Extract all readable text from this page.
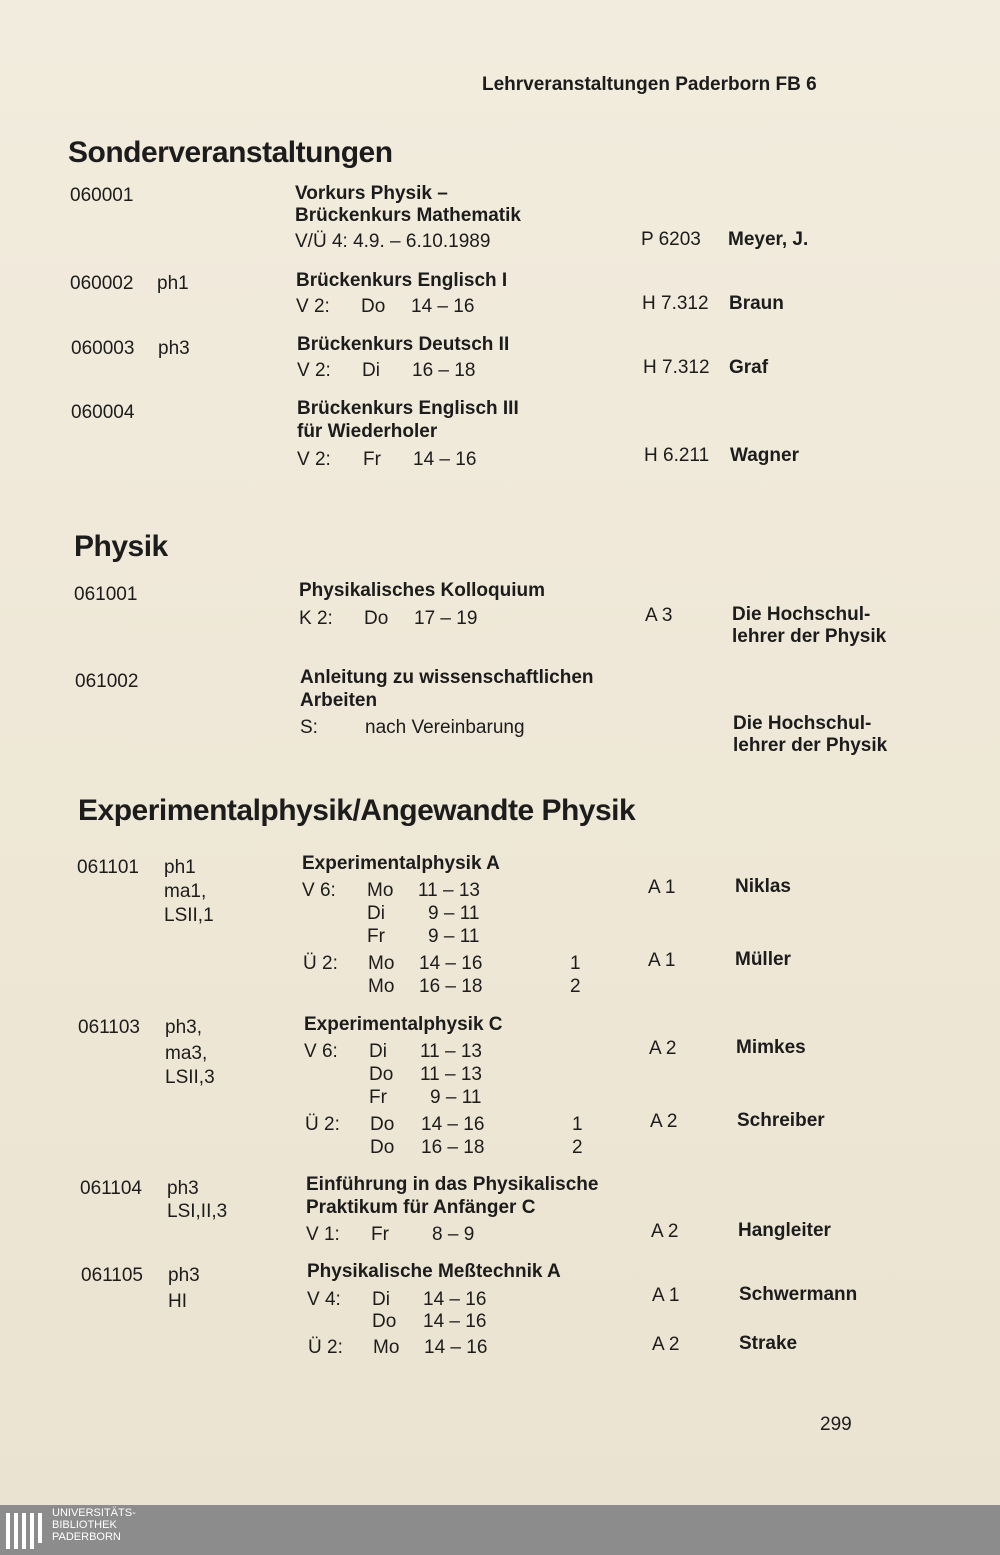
Lehrveranstaltungen Paderborn FB 6
Sonderveranstaltungen
Physik
Experimentalphysik/Angewandte Physik
060001	Vorkurs Physik –
Brückenkurs Mathematik
V/Ü 4: 4.9. – 6.10.1989	P 6203 Meyer, J.
060002 ph1	Brückenkurs Englisch I
V 2: Do 14 – 16	H 7.312 Braun
060003 ph3	Brückenkurs Deutsch II
V 2: Di 16 – 18	H 7.312 Graf
060004	Brückenkurs Englisch III
für Wiederholer
V 2: Fr 14 – 16	H 6.211 Wagner
061001	Physikalisches Kolloquium
K 2: Do 17 – 19	A 3	Die Hochschul-
lehrer der Physik
061002	Anleitung zu wissenschaftlichen
Arbeiten
S: nach Vereinbarung	Die Hochschul-
lehrer der Physik
061101 ph1
ma1,
LSII,1
Experimentalphysik A
V 6: Mo 11 – 13	A 1	Niklas
Di 9 – 11
Fr 9 – 11
Ü 2: Mo 14 – 16	1	A 1	Müller
Mo 16 – 18	2
061103 ph3,
ma3,
LSII,3
Experimentalphysik C
V 6: Di 11 – 13	A 2	Mimkes
Do 11 – 13
Fr 9 – 11
Ü 2: Do 14 – 16	1	A 2	Schreiber
Do 16 – 18	2
061104 ph3
LSI,II,3
Einführung in das Physikalische
Praktikum für Anfänger C
V 1: Fr 8 – 9	A 2	Hangleiter
061105 ph3
HI
Physikalische Meßtechnik A
V 4: Di 14 – 16	A 1	Schwermann
Do 14 – 16
Ü 2: Mo 14 – 16	A 2	Strake
299
UNIVERSITÄTS-
BIBLIOTHEK
PADERBORN
